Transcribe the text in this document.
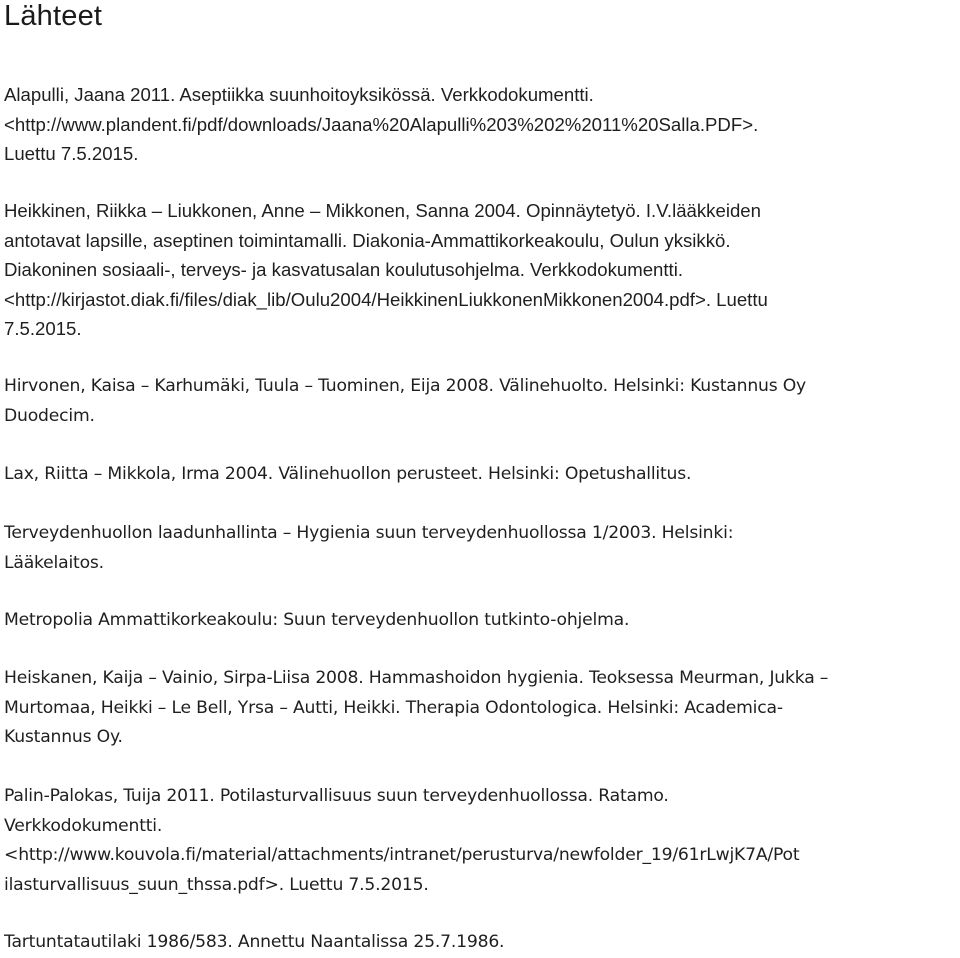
Lähteet

Alapulli, Jaana 2011. Aseptiikka suunhoitoyksikössä. Verkkodokumentti.
<http://www.plandent.fi/pdf/downloads/Jaana%20Alapulli%203%202%2011%20Salla.PDF>.
Luettu 7.5.2015.

Heikkinen, Riikka – Liukkonen, Anne – Mikkonen, Sanna 2004. Opinnäytetyö. I.V.lääkkeiden
antotavat lapsille, aseptinen toimintamalli. Diakonia-Ammattikorkeakoulu, Oulun yksikkö.
Diakoninen sosiaali-, terveys- ja kasvatusalan koulutusohjelma. Verkkodokumentti.
<http://kirjastot.diak.fi/files/diak_lib/Oulu2004/HeikkinenLiukkonenMikkonen2004.pdf>. Luettu
7.5.2015.

Hirvonen, Kaisa – Karhumäki, Tuula – Tuominen, Eija 2008. Välinehuolto. Helsinki: Kustannus Oy
Duodecim.

Lax, Riitta – Mikkola, Irma 2004. Välinehuollon perusteet. Helsinki: Opetushallitus.

Terveydenhuollon laadunhallinta – Hygienia suun terveydenhuollossa 1/2003. Helsinki:
Lääkelaitos.

Metropolia Ammattikorkeakoulu: Suun terveydenhuollon tutkinto-ohjelma.

Heiskanen, Kaija – Vainio, Sirpa-Liisa 2008. Hammashoidon hygienia. Teoksessa Meurman, Jukka –
Murtomaa, Heikki – Le Bell, Yrsa – Autti, Heikki. Therapia Odontologica. Helsinki: Academica-
Kustannus Oy.

Palin-Palokas, Tuija 2011. Potilasturvallisuus suun terveydenhuollossa. Ratamo.
Verkkodokumentti.
<http://www.kouvola.fi/material/attachments/intranet/perusturva/newfolder_19/61rLwjK7A/Pot
ilasturvallisuus_suun_thssa.pdf>. Luettu 7.5.2015.

Tartuntatautilaki 1986/583. Annettu Naantalissa 25.7.1986.
